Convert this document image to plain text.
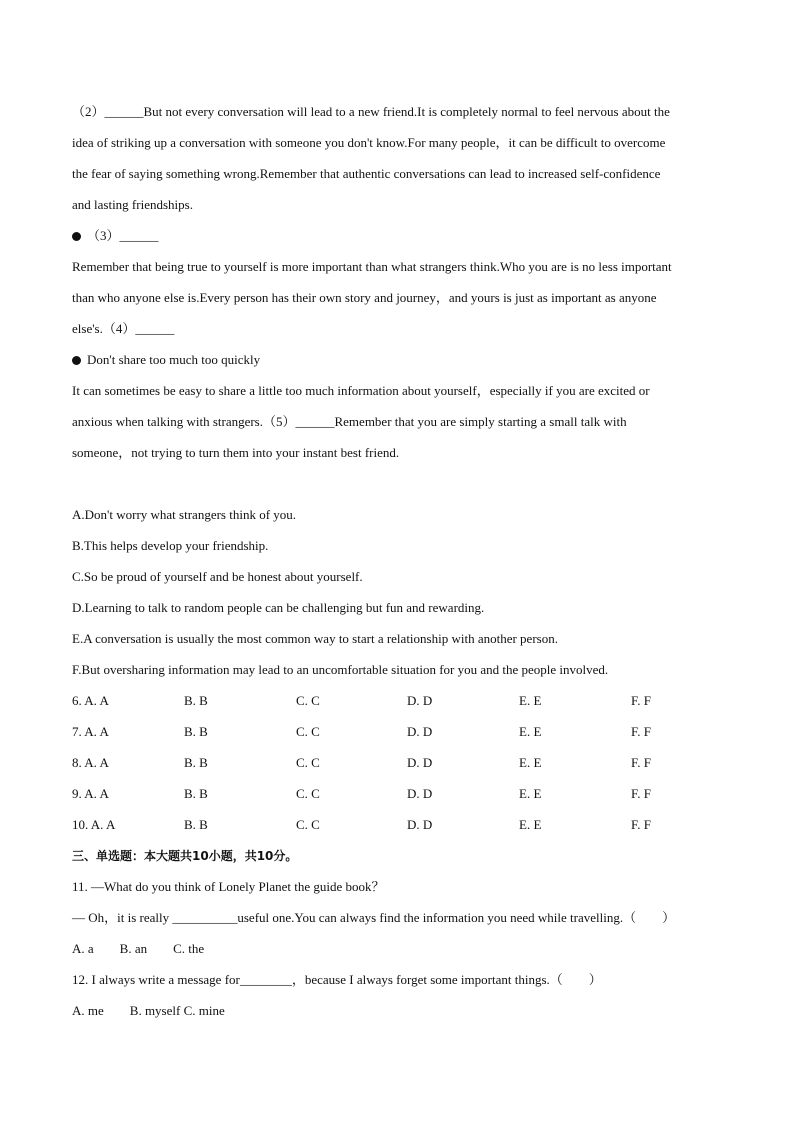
（2）______But not every conversation will lead to a new friend.It is completely normal to feel nervous about the
idea of striking up a conversation with someone you don't know.For many people，it can be difficult to overcome
the fear of saying something wrong.Remember that authentic conversations can lead to increased self-confidence
and lasting friendships.
（3）______
Remember that being true to yourself is more important than what strangers think.Who you are is no less important
than who anyone else is.Every person has their own story and journey，and yours is just as important as anyone
else's.（4）______
Don't share too much too quickly
It can sometimes be easy to share a little too much information about yourself，especially if you are excited or
anxious when talking with strangers.（5）______Remember that you are simply starting a small talk with
someone，not trying to turn them into your instant best friend.
A.Don't worry what strangers think of you.
B.This helps develop your friendship.
C.So be proud of yourself and be honest about yourself.
D.Learning to talk to random people can be challenging but fun and rewarding.
E.A conversation is usually the most common way to start a relationship with another person.
F.But oversharing information may lead to an uncomfortable situation for you and the people involved.
6. A. A	B. B	C. C	D. D	E. E	F. F
7. A. A	B. B	C. C	D. D	E. E	F. F
8. A. A	B. B	C. C	D. D	E. E	F. F
9. A. A	B. B	C. C	D. D	E. E	F. F
10. A. A	B. B	C. C	D. D	E. E	F. F
三、单选题：本大题共10小题，共10分。
11. —What do you think of Lonely Planet the guide book？
— Oh，it is really __________useful one.You can always find the information you need while travelling.（　　）
A. a　　B. an　　C. the
12. I always write a message for________，because I always forget some important things.（　　）
A. me　　B. myself C. mine
